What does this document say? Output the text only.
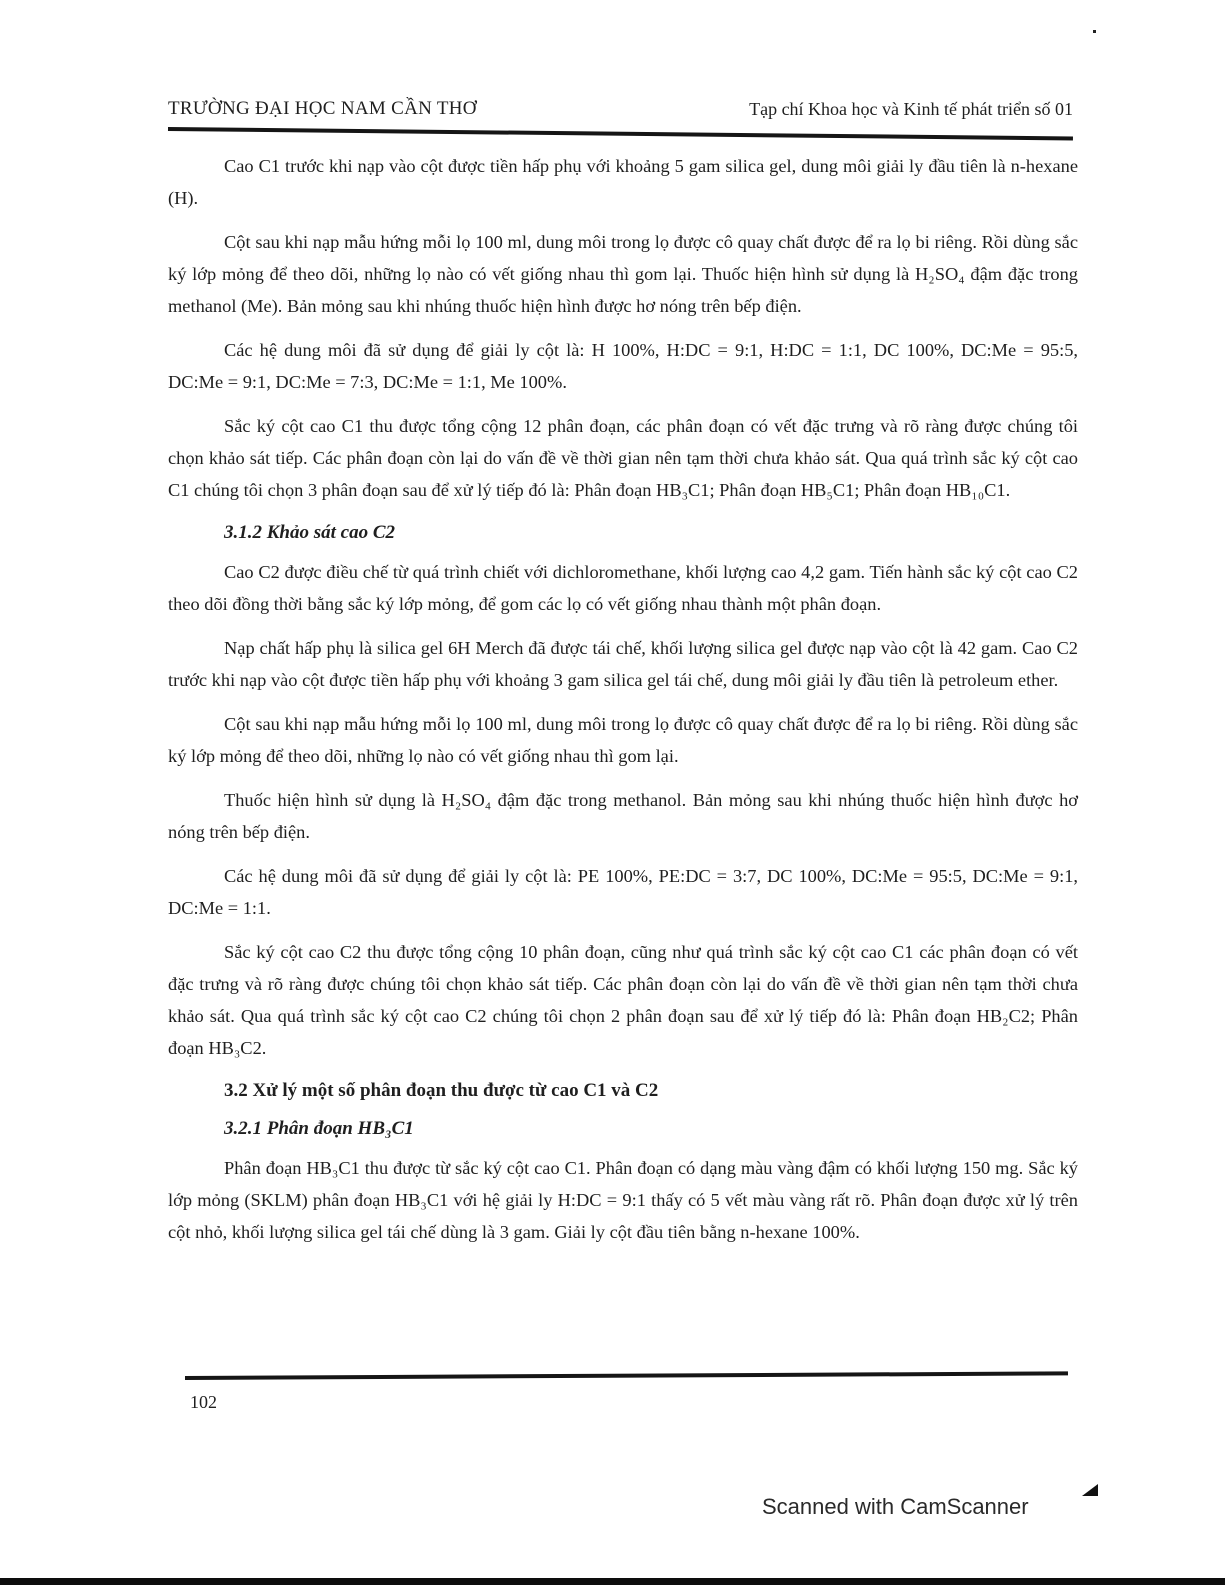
TRƯỜNG ĐẠI HỌC NAM CẦN THƠ	Tạp chí Khoa học và Kinh tế phát triển số 01

Cao C1 trước khi nạp vào cột được tiền hấp phụ với khoảng 5 gam silica gel, dung môi giải ly đầu tiên là n-hexane (H).

Cột sau khi nạp mẫu hứng mỗi lọ 100 ml, dung môi trong lọ được cô quay chất được để ra lọ bi riêng. Rồi dùng sắc ký lớp mỏng để theo dõi, những lọ nào có vết giống nhau thì gom lại. Thuốc hiện hình sử dụng là H₂SO₄ đậm đặc trong methanol (Me). Bản mỏng sau khi nhúng thuốc hiện hình được hơ nóng trên bếp điện.

Các hệ dung môi đã sử dụng để giải ly cột là: H 100%, H:DC = 9:1, H:DC = 1:1, DC 100%, DC:Me = 95:5, DC:Me = 9:1, DC:Me = 7:3, DC:Me = 1:1, Me 100%.

Sắc ký cột cao C1 thu được tổng cộng 12 phân đoạn, các phân đoạn có vết đặc trưng và rõ ràng được chúng tôi chọn khảo sát tiếp. Các phân đoạn còn lại do vấn đề về thời gian nên tạm thời chưa khảo sát. Qua quá trình sắc ký cột cao C1 chúng tôi chọn 3 phân đoạn sau để xử lý tiếp đó là: Phân đoạn HB₃C1; Phân đoạn HB₅C1; Phân đoạn HB₁₀C1.

3.1.2 Khảo sát cao C2

Cao C2 được điều chế từ quá trình chiết với dichloromethane, khối lượng cao 4,2 gam. Tiến hành sắc ký cột cao C2 theo dõi đồng thời bằng sắc ký lớp mỏng, để gom các lọ có vết giống nhau thành một phân đoạn.

Nạp chất hấp phụ là silica gel 6H Merch đã được tái chế, khối lượng silica gel được nạp vào cột là 42 gam. Cao C2 trước khi nạp vào cột được tiền hấp phụ với khoảng 3 gam silica gel tái chế, dung môi giải ly đầu tiên là petroleum ether.

Cột sau khi nạp mẫu hứng mỗi lọ 100 ml, dung môi trong lọ được cô quay chất được để ra lọ bi riêng. Rồi dùng sắc ký lớp mỏng để theo dõi, những lọ nào có vết giống nhau thì gom lại.

Thuốc hiện hình sử dụng là H₂SO₄ đậm đặc trong methanol. Bản mỏng sau khi nhúng thuốc hiện hình được hơ nóng trên bếp điện.

Các hệ dung môi đã sử dụng để giải ly cột là: PE 100%, PE:DC = 3:7, DC 100%, DC:Me = 95:5, DC:Me = 9:1, DC:Me = 1:1.

Sắc ký cột cao C2 thu được tổng cộng 10 phân đoạn, cũng như quá trình sắc ký cột cao C1 các phân đoạn có vết đặc trưng và rõ ràng được chúng tôi chọn khảo sát tiếp. Các phân đoạn còn lại do vấn đề về thời gian nên tạm thời chưa khảo sát. Qua quá trình sắc ký cột cao C2 chúng tôi chọn 2 phân đoạn sau để xử lý tiếp đó là: Phân đoạn HB₂C2; Phân đoạn HB₃C2.

3.2 Xử lý một số phân đoạn thu được từ cao C1 và C2
3.2.1 Phân đoạn HB₃C1

Phân đoạn HB₃C1 thu được từ sắc ký cột cao C1. Phân đoạn có dạng màu vàng đậm có khối lượng 150 mg. Sắc ký lớp mỏng (SKLM) phân đoạn HB₃C1 với hệ giải ly H:DC = 9:1 thấy có 5 vết màu vàng rất rõ. Phân đoạn được xử lý trên cột nhỏ, khối lượng silica gel tái chế dùng là 3 gam. Giải ly cột đầu tiên bằng n-hexane 100%.

102
Scanned with CamScanner
